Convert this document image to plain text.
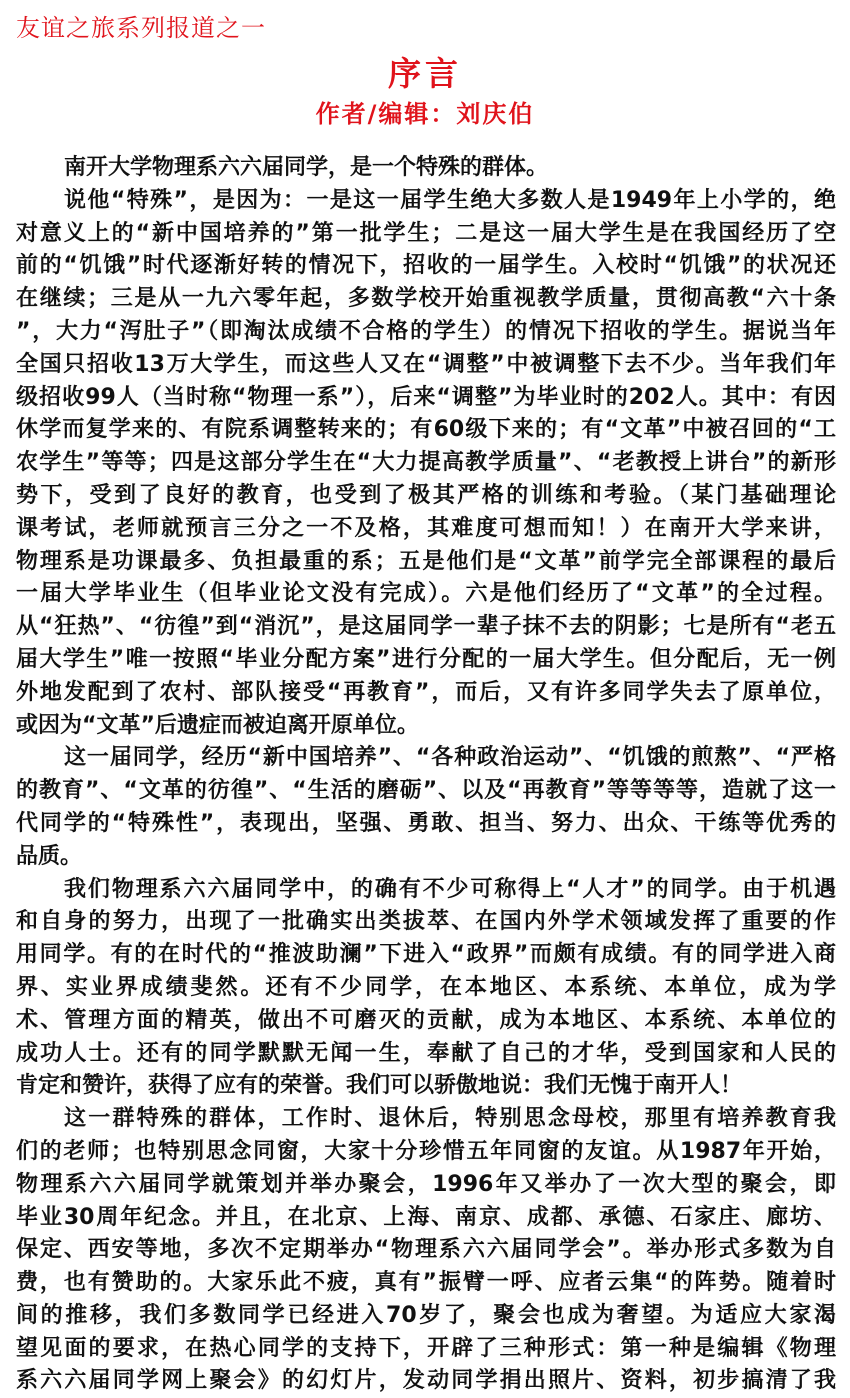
友谊之旅系列报道之一
序言
作者/编辑：刘庆伯
南开大学物理系六六届同学，是一个特殊的群体。
说他“特殊”，是因为：一是这一届学生绝大多数人是1949年上小学的，绝
对意义上的“新中国培养的”第一批学生；二是这一届大学生是在我国经历了空
前的“饥饿”时代逐渐好转的情况下，招收的一届学生。入校时“饥饿”的状况还
在继续；三是从一九六零年起，多数学校开始重视教学质量，贯彻高教“六十条
”，大力“泻肚子”（即淘汰成绩不合格的学生）的情况下招收的学生。据说当年
全国只招收13万大学生，而这些人又在“调整”中被调整下去不少。当年我们年
级招收99人（当时称“物理一系”），后来“调整”为毕业时的202人。其中：有因
休学而复学来的、有院系调整转来的；有60级下来的；有“文革”中被召回的“工
农学生”等等；四是这部分学生在“大力提高教学质量”、“老教授上讲台”的新形
势下，受到了良好的教育，也受到了极其严格的训练和考验。（某门基础理论
课考试，老师就预言三分之一不及格，其难度可想而知！）在南开大学来讲，
物理系是功课最多、负担最重的系；五是他们是“文革”前学完全部课程的最后
一届大学毕业生（但毕业论文没有完成）。六是他们经历了“文革”的全过程。
从“狂热”、“彷徨”到“消沉”，是这届同学一辈子抹不去的阴影；七是所有“老五
届大学生”唯一按照“毕业分配方案”进行分配的一届大学生。但分配后，无一例
外地发配到了农村、部队接受“再教育”，而后，又有许多同学失去了原单位，
或因为“文革”后遗症而被迫离开原单位。
这一届同学，经历“新中国培养”、“各种政治运动”、“饥饿的煎熬”、“严格
的教育”、“文革的彷徨”、“生活的磨砺”、以及“再教育”等等等等，造就了这一
代同学的“特殊性”，表现出，坚强、勇敢、担当、努力、出众、干练等优秀的
品质。
我们物理系六六届同学中，的确有不少可称得上“人才”的同学。由于机遇
和自身的努力，出现了一批确实出类拔萃、在国内外学术领域发挥了重要的作
用同学。有的在时代的“推波助澜”下进入“政界”而颇有成绩。有的同学进入商
界、实业界成绩斐然。还有不少同学，在本地区、本系统、本单位，成为学
术、管理方面的精英，做出不可磨灭的贡献，成为本地区、本系统、本单位的
成功人士。还有的同学默默无闻一生，奉献了自己的才华，受到国家和人民的
肯定和赞许，获得了应有的荣誉。我们可以骄傲地说：我们无愧于南开人！
这一群特殊的群体，工作时、退休后，特别思念母校，那里有培养教育我
们的老师；也特别思念同窗，大家十分珍惜五年同窗的友谊。从1987年开始，
物理系六六届同学就策划并举办聚会，1996年又举办了一次大型的聚会，即
毕业30周年纪念。并且，在北京、上海、南京、成都、承德、石家庄、廊坊、
保定、西安等地，多次不定期举办“物理系六六届同学会”。举办形式多数为自
费，也有赞助的。大家乐此不疲，真有”振臂一呼、应者云集“的阵势。随着时
间的推移，我们多数同学已经进入70岁了，聚会也成为奢望。为适应大家渴
望见面的要求，在热心同学的支持下，开辟了三种形式：第一种是编辑《物理
系六六届同学网上聚会》的幻灯片，发动同学捐出照片、资料，初步搞清了我
